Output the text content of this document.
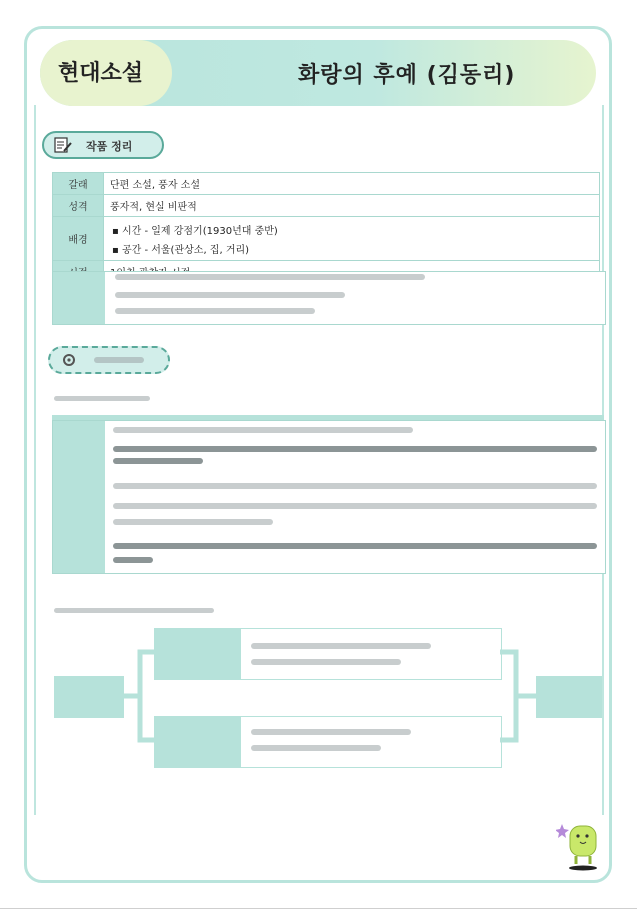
현대소설	화랑의 후예 (김동리)
작품 정리
갈래	단편 소설, 풍자 소설
성격	풍자적, 현실 비판적
배경	▪ 시간 - 일제 강점기(1930년대 중반)
▪ 공간 - 서울(관상소, 집, 거리)
